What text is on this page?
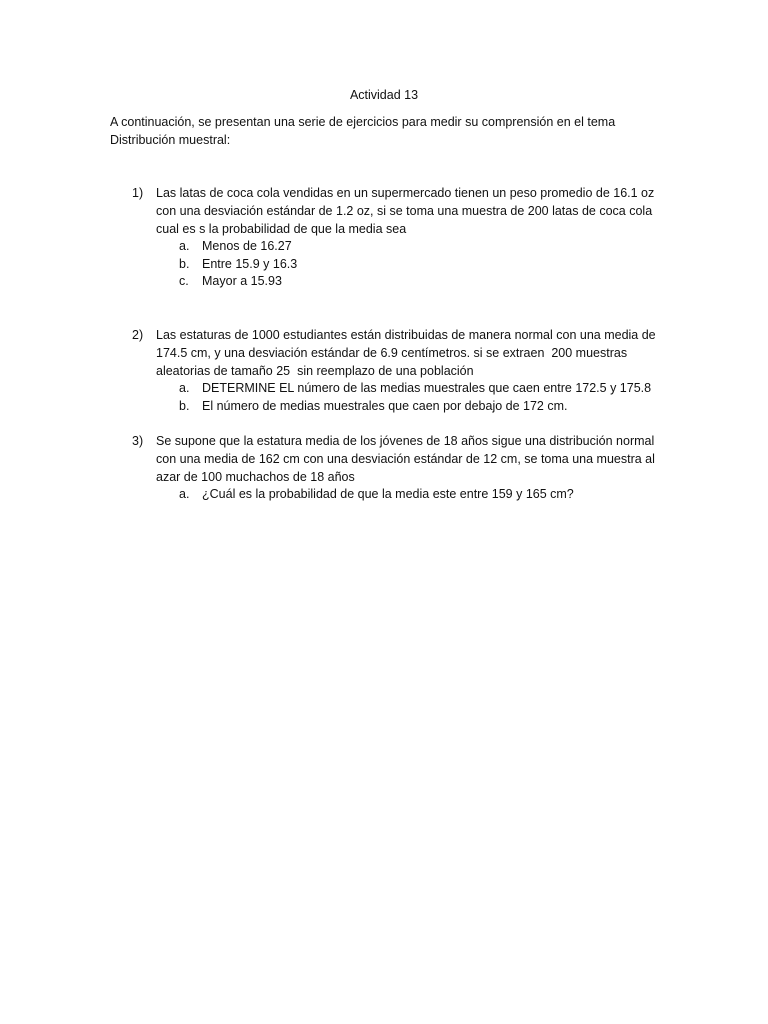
Actividad 13
A continuación, se presentan una serie de ejercicios para medir su comprensión en el tema Distribución muestral:
1)	Las latas de coca cola vendidas en un supermercado tienen un peso promedio de 16.1 oz con una desviación estándar de 1.2 oz, si se toma una muestra de 200 latas de coca cola cual es s la probabilidad de que la media sea
a.	Menos de 16.27
b.	Entre 15.9 y 16.3
c.	Mayor a 15.93
2)	Las estaturas de 1000 estudiantes están distribuidas de manera normal con una media de 174.5 cm, y una desviación estándar de 6.9 centímetros. si se extraen  200 muestras aleatorias de tamaño 25  sin reemplazo de una población
a.	DETERMINE EL número de las medias muestrales que caen entre 172.5 y 175.8
b.	El número de medias muestrales que caen por debajo de 172 cm.
3)	Se supone que la estatura media de los jóvenes de 18 años sigue una distribución normal con una media de 162 cm con una desviación estándar de 12 cm, se toma una muestra al azar de 100 muchachos de 18 años
a.	¿Cuál es la probabilidad de que la media este entre 159 y 165 cm?
